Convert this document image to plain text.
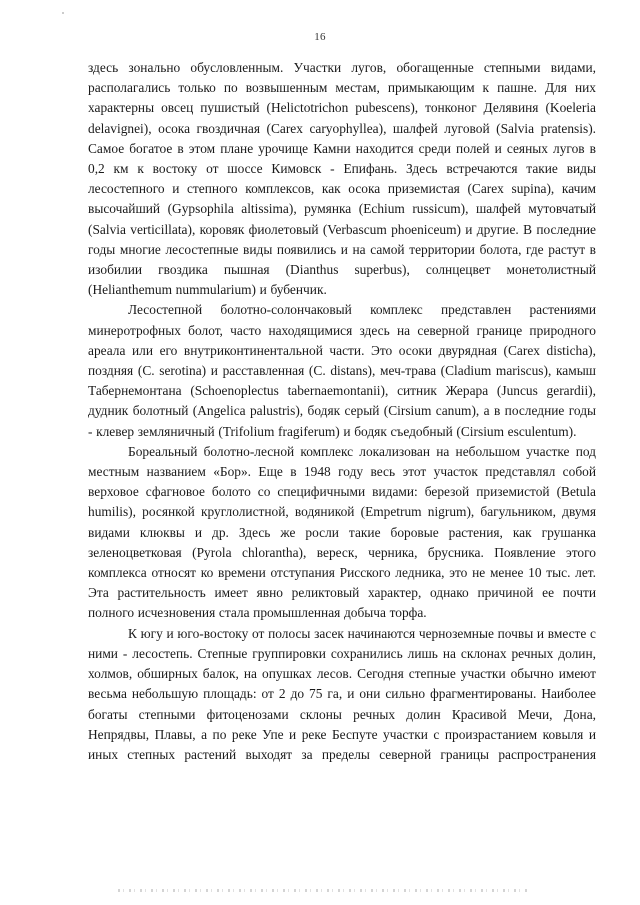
16

здесь зонально обусловленным. Участки лугов, обогащенные степными видами, располагались только по возвышенным местам, примыкающим к пашне. Для них характерны овсец пушистый (Helictotrichon pubescens), тонконог Делявиня (Koeleria delavignei), осока гвоздичная (Carex caryophyllea), шалфей луговой (Salvia pratensis). Самое богатое в этом плане урочище Камни находится среди полей и сеяных лугов в 0,2 км к востоку от шоссе Кимовск - Епифань. Здесь встречаются такие виды лесостепного и степного комплексов, как осока приземистая (Carex supina), качим высочайший (Gypsophila altissima), румянка (Echium russicum), шалфей мутовчатый (Salvia verticillata), коровяк фиолетовый (Verbascum phoeniceum) и другие. В последние годы многие лесостепные виды появились и на самой территории болота, где растут в изобилии гвоздика пышная (Dianthus superbus), солнцецвет монетолистный (Helianthemum nummularium) и бубенчик.

Лесостепной болотно-солончаковый комплекс представлен растениями минеротрофных болот, часто находящимися здесь на северной границе природного ареала или его внутриконтинентальной части. Это осоки двурядная (Carex disticha), поздняя (C. serotina) и расставленная (C. distans), меч-трава (Cladium mariscus), камыш Табернемонтана (Schoenoplectus tabernaemontanii), ситник Жерара (Juncus gerardii), дудник болотный (Angelica palustris), бодяк серый (Cirsium canum), а в последние годы - клевер земляничный (Trifolium fragiferum) и бодяк съедобный (Cirsium esculentum).

Бореальный болотно-лесной комплекс локализован на небольшом участке под местным названием «Бор». Еще в 1948 году весь этот участок представлял собой верховое сфагновое болото со специфичными видами: березой приземистой (Betula humilis), росянкой круглолистной, водяникой (Empetrum nigrum), багульником, двумя видами клюквы и др. Здесь же росли такие боровые растения, как грушанка зеленоцветковая (Pyrola chlorantha), вереск, черника, брусника. Появление этого комплекса относят ко времени отступания Рисского ледника, это не менее 10 тыс. лет. Эта растительность имеет явно реликтовый характер, однако причиной ее почти полного исчезновения стала промышленная добыча торфа.

К югу и юго-востоку от полосы засек начинаются черноземные почвы и вместе с ними - лесостепь. Степные группировки сохранились лишь на склонах речных долин, холмов, обширных балок, на опушках лесов. Сегодня степные участки обычно имеют весьма небольшую площадь: от 2 до 75 га, и они сильно фрагментированы. Наиболее богаты степными фитоценозами склоны речных долин Красивой Мечи, Дона, Непрядвы, Плавы, а по реке Упе и реке Беспуте участки с произрастанием ковыля и иных степных растений выходят за пределы северной границы распространения
